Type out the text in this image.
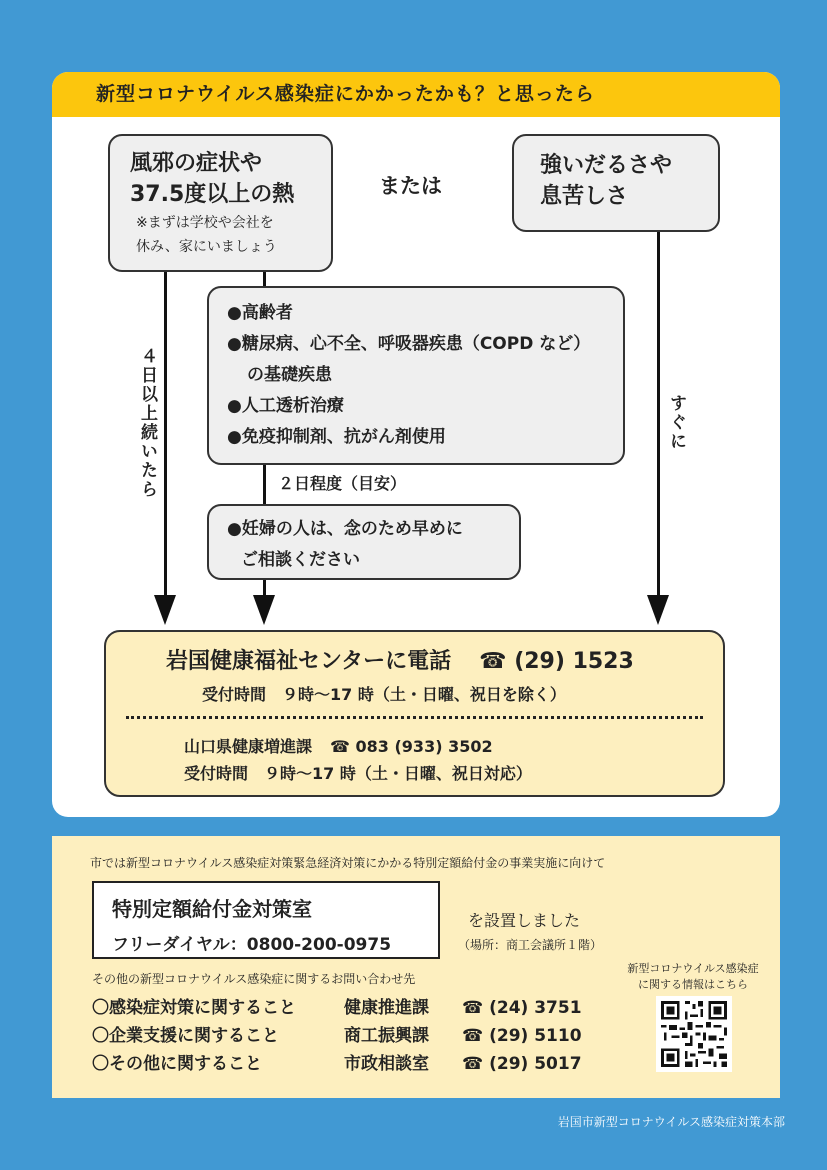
新型コロナウイルス感染症にかかったかも？と思ったら
風邪の症状や
37.5度以上の熱
※まずは学校や会社を
休み、家にいましょう
または
強いだるさや
息苦しさ
４日以上続いたら	すぐに
●高齢者
●糖尿病、心不全、呼吸器疾患（COPD など）
の基礎疾患
●人工透析治療
●免疫抑制剤、抗がん剤使用
２日程度（目安）
●妊婦の人は、念のため早めに
ご相談ください
岩国健康福祉センターに電話 ☎ (29) 1523
受付時間　９時～17 時（土・日曜、祝日を除く）
山口県健康増進課 ☎ 083 (933) 3502
受付時間　９時～17 時（土・日曜、祝日対応）
市では新型コロナウイルス感染症対策緊急経済対策にかかる特別定額給付金の事業実施に向けて
特別定額給付金対策室
フリーダイヤル：0800-200-0975
を設置しました
（場所：商工会議所１階）
その他の新型コロナウイルス感染症に関するお問い合わせ先
〇感染症対策に関すること	健康推進課 ☎ (24) 3751
〇企業支援に関すること	商工振興課 ☎ (29) 5110
〇その他に関すること	市政相談室 ☎ (29) 5017
新型コロナウイルス感染症に関する情報はこちら
岩国市新型コロナウイルス感染症対策本部
